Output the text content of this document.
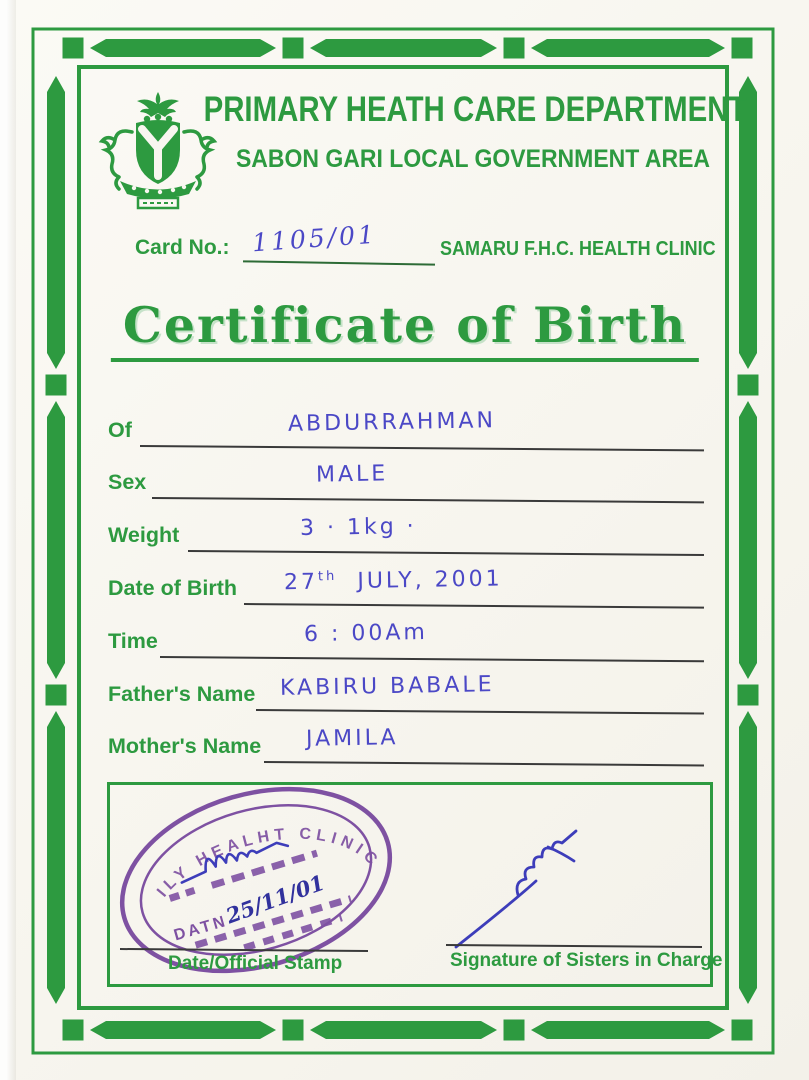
PRIMARY HEATH CARE DEPARTMENT
SABON GARI LOCAL GOVERNMENT AREA
Card No.: 1105/01	SAMARU F.H.C. HEALTH CLINIC
Certificate of Birth
Of	ABDURRAHMAN
Sex	MALE
Weight	3 · 1kg ·
Date of Birth 27th JULY, 2001
Time	6 : 00Am
Father's Name KABIRU BABALE
Mother's Name JAMILA
ILY HEALHT CLINIC
DATN
25/11/01
Date/Official Stamp	Signature of Sisters in Charge
